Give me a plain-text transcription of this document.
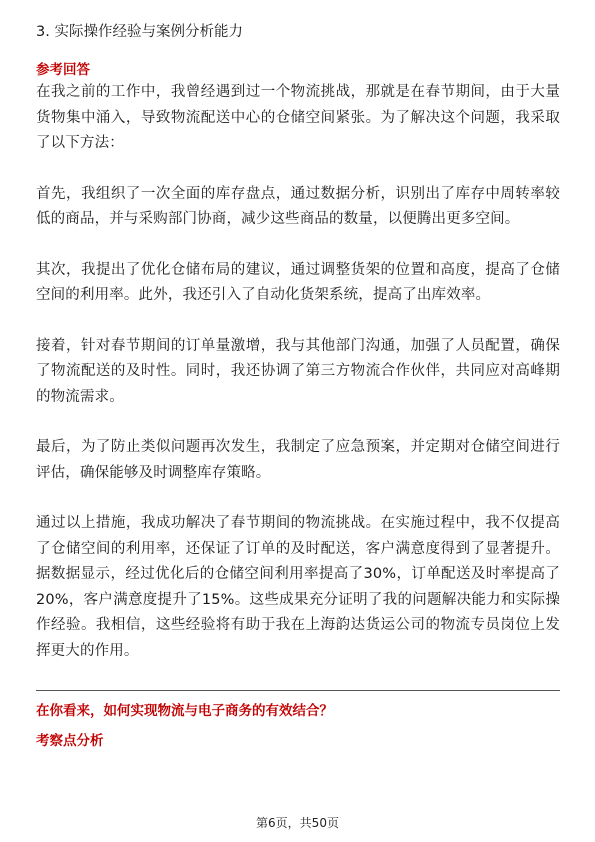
3. 实际操作经验与案例分析能力

参考回答

在我之前的工作中，我曾经遇到过一个物流挑战，那就是在春节期间，由于大量货物集中涌入，导致物流配送中心的仓储空间紧张。为了解决这个问题，我采取了以下方法：

首先，我组织了一次全面的库存盘点，通过数据分析，识别出了库存中周转率较低的商品，并与采购部门协商，减少这些商品的数量，以便腾出更多空间。

其次，我提出了优化仓储布局的建议，通过调整货架的位置和高度，提高了仓储空间的利用率。此外，我还引入了自动化货架系统，提高了出库效率。

接着，针对春节期间的订单量激增，我与其他部门沟通，加强了人员配置，确保了物流配送的及时性。同时，我还协调了第三方物流合作伙伴，共同应对高峰期的物流需求。

最后，为了防止类似问题再次发生，我制定了应急预案，并定期对仓储空间进行评估，确保能够及时调整库存策略。

通过以上措施，我成功解决了春节期间的物流挑战。在实施过程中，我不仅提高了仓储空间的利用率，还保证了订单的及时配送，客户满意度得到了显著提升。据数据显示，经过优化后的仓储空间利用率提高了30%，订单配送及时率提高了20%，客户满意度提升了15%。这些成果充分证明了我的问题解决能力和实际操作经验。我相信，这些经验将有助于我在上海韵达货运公司的物流专员岗位上发挥更大的作用。

在你看来，如何实现物流与电子商务的有效结合？

考察点分析

第6页，共50页
